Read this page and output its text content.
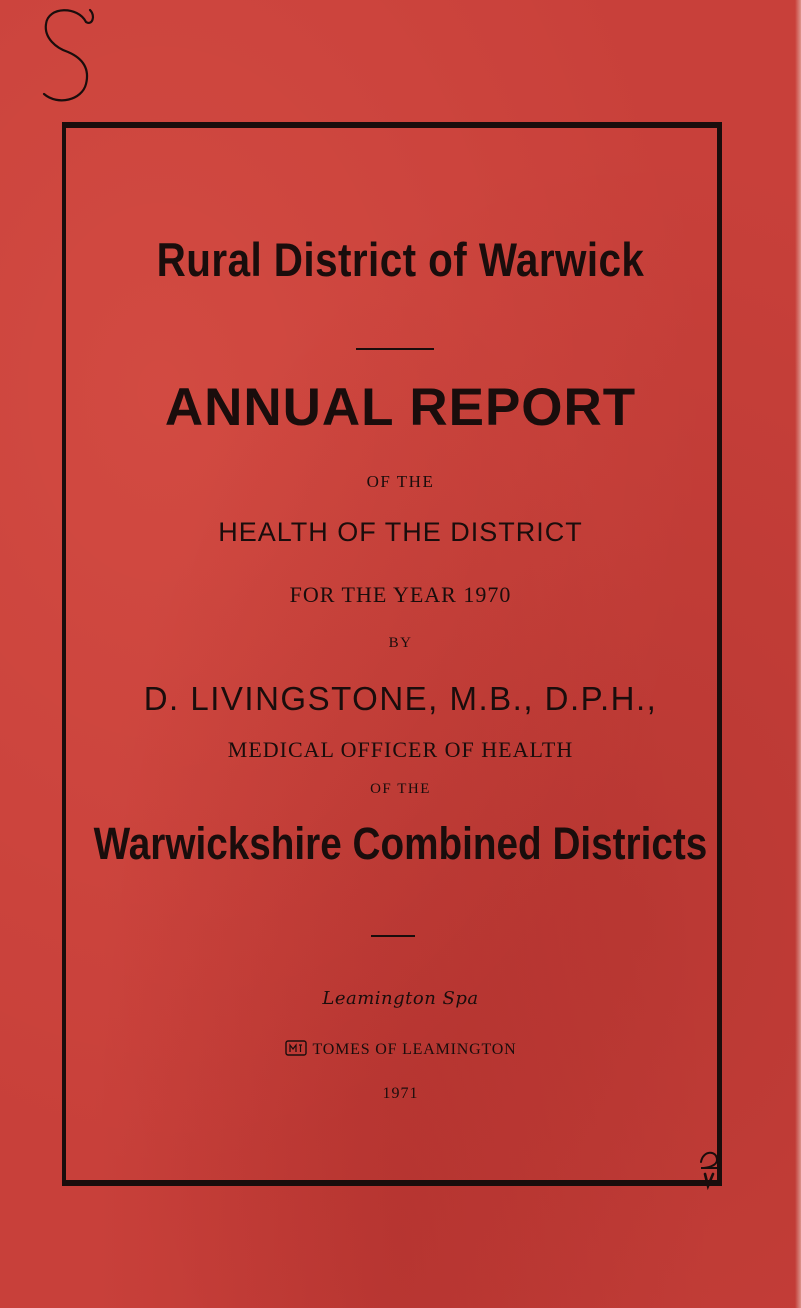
Rural District of Warwick
ANNUAL REPORT
OF THE
HEALTH OF THE DISTRICT
FOR THE YEAR 1970
BY
D. LIVINGSTONE, M.B., D.P.H.,
MEDICAL OFFICER OF HEALTH
OF THE
Warwickshire Combined Districts
Leamington Spa
TOMES OF LEAMINGTON
1971
